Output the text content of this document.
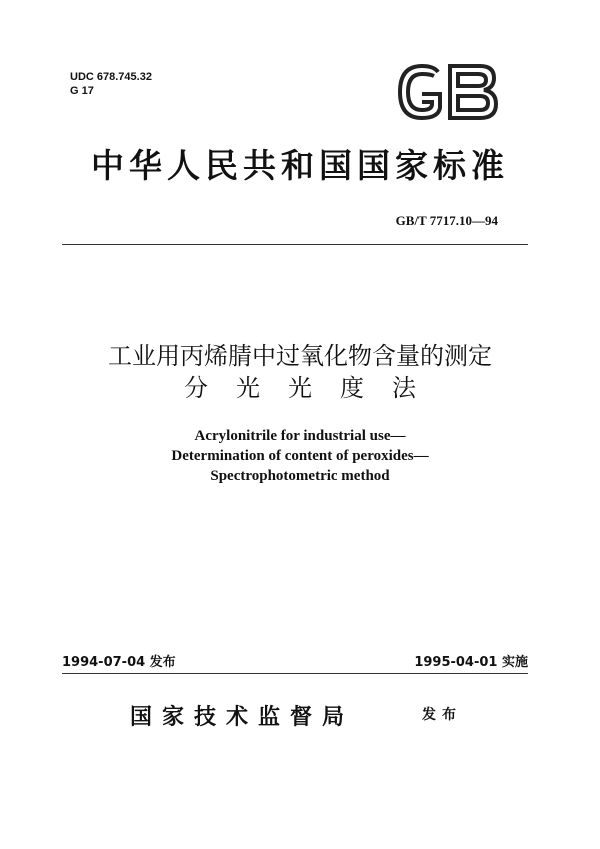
UDC 678.745.32
G 17
中华人民共和国国家标准
GB/T 7717.10—94
工业用丙烯腈中过氧化物含量的测定
分光光度法
Acrylonitrile for industrial use—
Determination of content of peroxides—
Spectrophotometric method
1994-07-04 发布	1995-04-01 实施
国家技术监督局	发布
